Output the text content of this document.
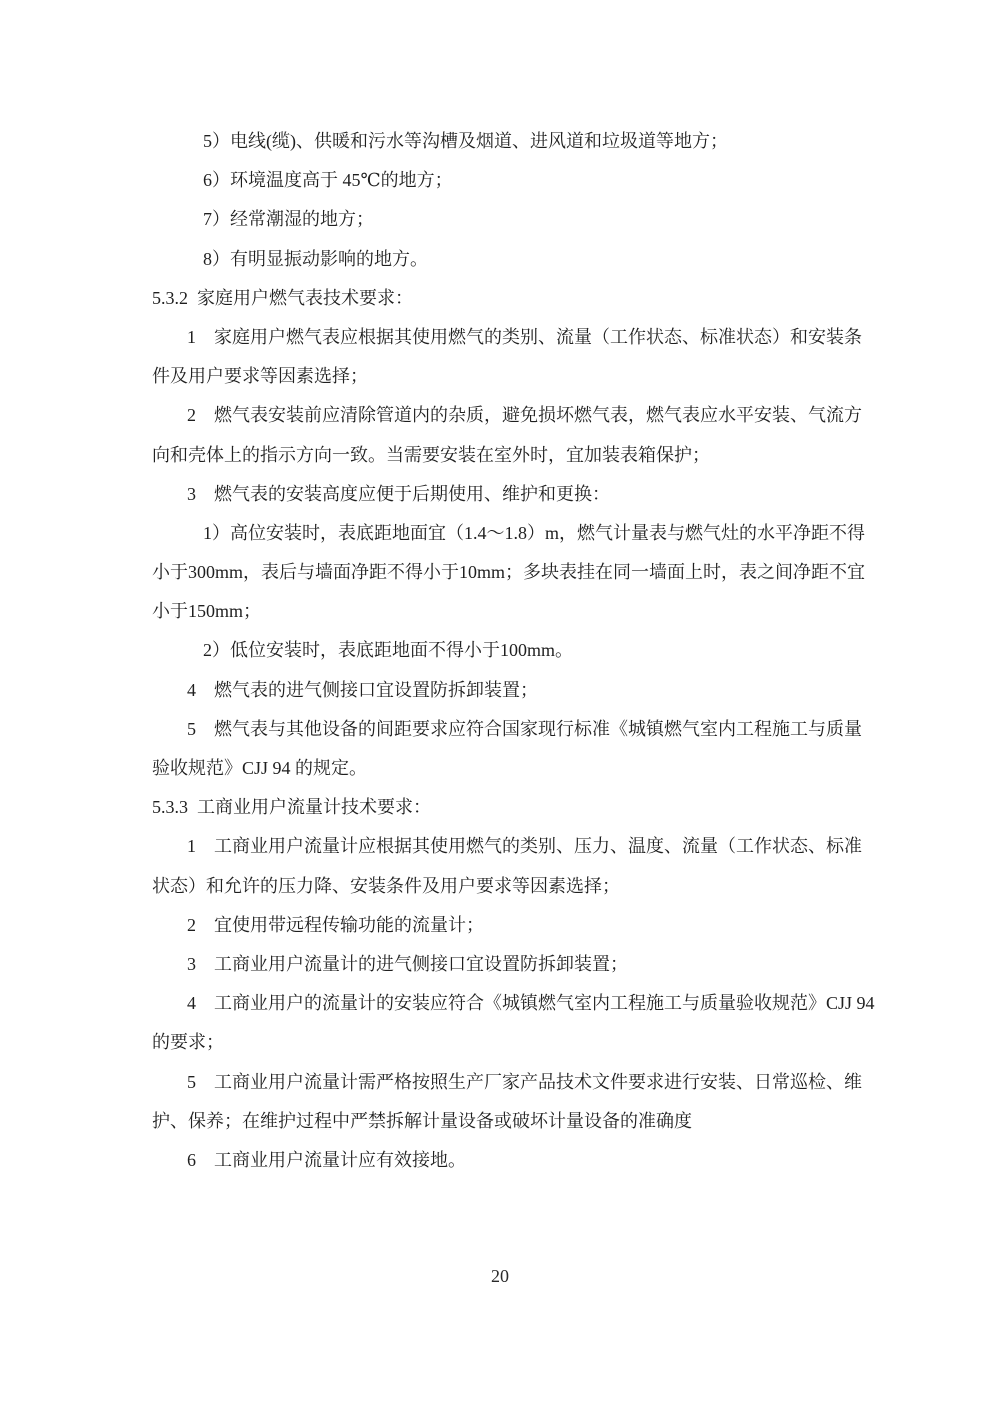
5）电线(缆)、供暖和污水等沟槽及烟道、进风道和垃圾道等地方；
6）环境温度高于 45℃的地方；
7）经常潮湿的地方；
8）有明显振动影响的地方。
5.3.2  家庭用户燃气表技术要求：
1　家庭用户燃气表应根据其使用燃气的类别、流量（工作状态、标准状态）和安装条
件及用户要求等因素选择；
2　燃气表安装前应清除管道内的杂质，避免损坏燃气表，燃气表应水平安装、气流方
向和壳体上的指示方向一致。当需要安装在室外时，宜加装表箱保护；
3　燃气表的安装高度应便于后期使用、维护和更换：
1）高位安装时，表底距地面宜（1.4～1.8）m，燃气计量表与燃气灶的水平净距不得
小于300mm，表后与墙面净距不得小于10mm；多块表挂在同一墙面上时，表之间净距不宜
小于150mm；
2）低位安装时，表底距地面不得小于100mm。
4　燃气表的进气侧接口宜设置防拆卸装置；
5　燃气表与其他设备的间距要求应符合国家现行标准《城镇燃气室内工程施工与质量
验收规范》CJJ 94 的规定。
5.3.3  工商业用户流量计技术要求：
1　工商业用户流量计应根据其使用燃气的类别、压力、温度、流量（工作状态、标准
状态）和允许的压力降、安装条件及用户要求等因素选择；
2　宜使用带远程传输功能的流量计；
3　工商业用户流量计的进气侧接口宜设置防拆卸装置；
4　工商业用户的流量计的安装应符合《城镇燃气室内工程施工与质量验收规范》CJJ 94
的要求；
5　工商业用户流量计需严格按照生产厂家产品技术文件要求进行安装、日常巡检、维
护、保养；在维护过程中严禁拆解计量设备或破坏计量设备的准确度
6　工商业用户流量计应有效接地。
20
